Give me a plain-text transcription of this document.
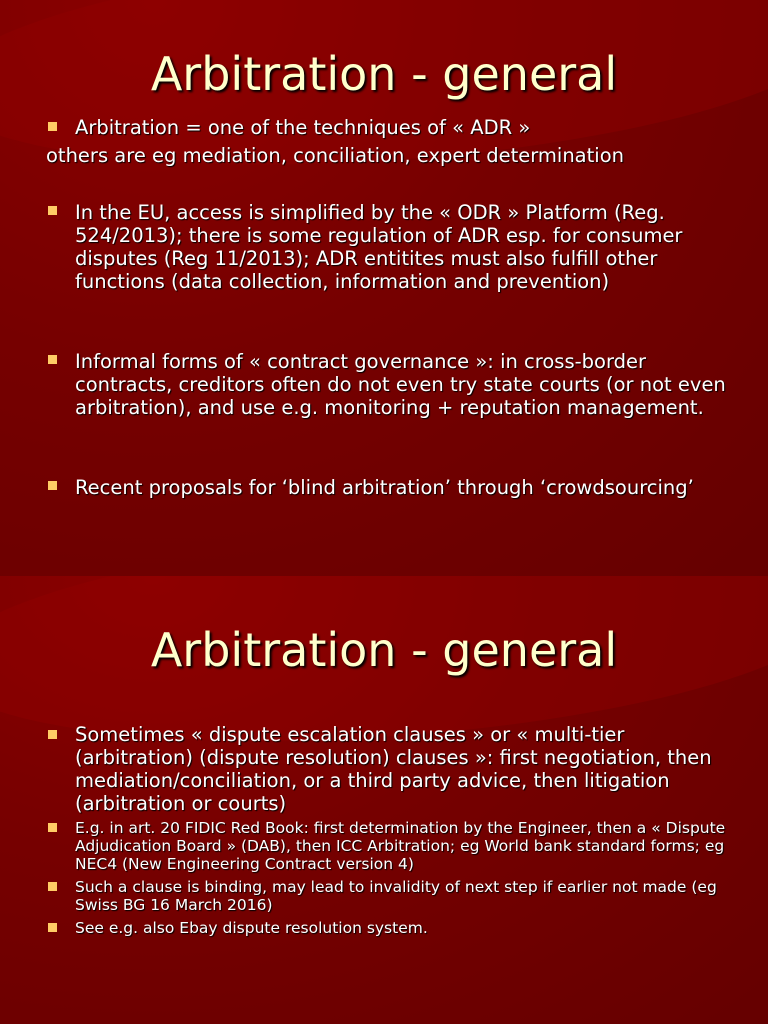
Arbitration - general
Arbitration = one of the techniques of « ADR »
others are eg mediation, conciliation, expert determination
In the EU, access is simplified by the « ODR » Platform (Reg. 524/2013); there is some regulation of ADR esp. for consumer disputes (Reg 11/2013); ADR entitites must also fulfill other functions (data collection, information and prevention)
Informal forms of « contract governance »: in cross-border contracts, creditors often do not even try state courts (or not even arbitration), and use e.g. monitoring + reputation management.
Recent proposals for ‘blind arbitration’ through ‘crowdsourcing’
Arbitration - general
Sometimes « dispute escalation clauses » or « multi-tier (arbitration) (dispute resolution) clauses »: first negotiation, then mediation/conciliation, or a third party advice, then litigation (arbitration or courts)
E.g. in art. 20 FIDIC Red Book: first determination by the Engineer, then a « Dispute Adjudication Board » (DAB), then ICC Arbitration; eg World bank standard forms; eg NEC4 (New Engineering Contract version 4)
Such a clause is binding, may lead to invalidity of next step if earlier not made (eg Swiss BG 16 March 2016)
See e.g. also Ebay dispute resolution system.
